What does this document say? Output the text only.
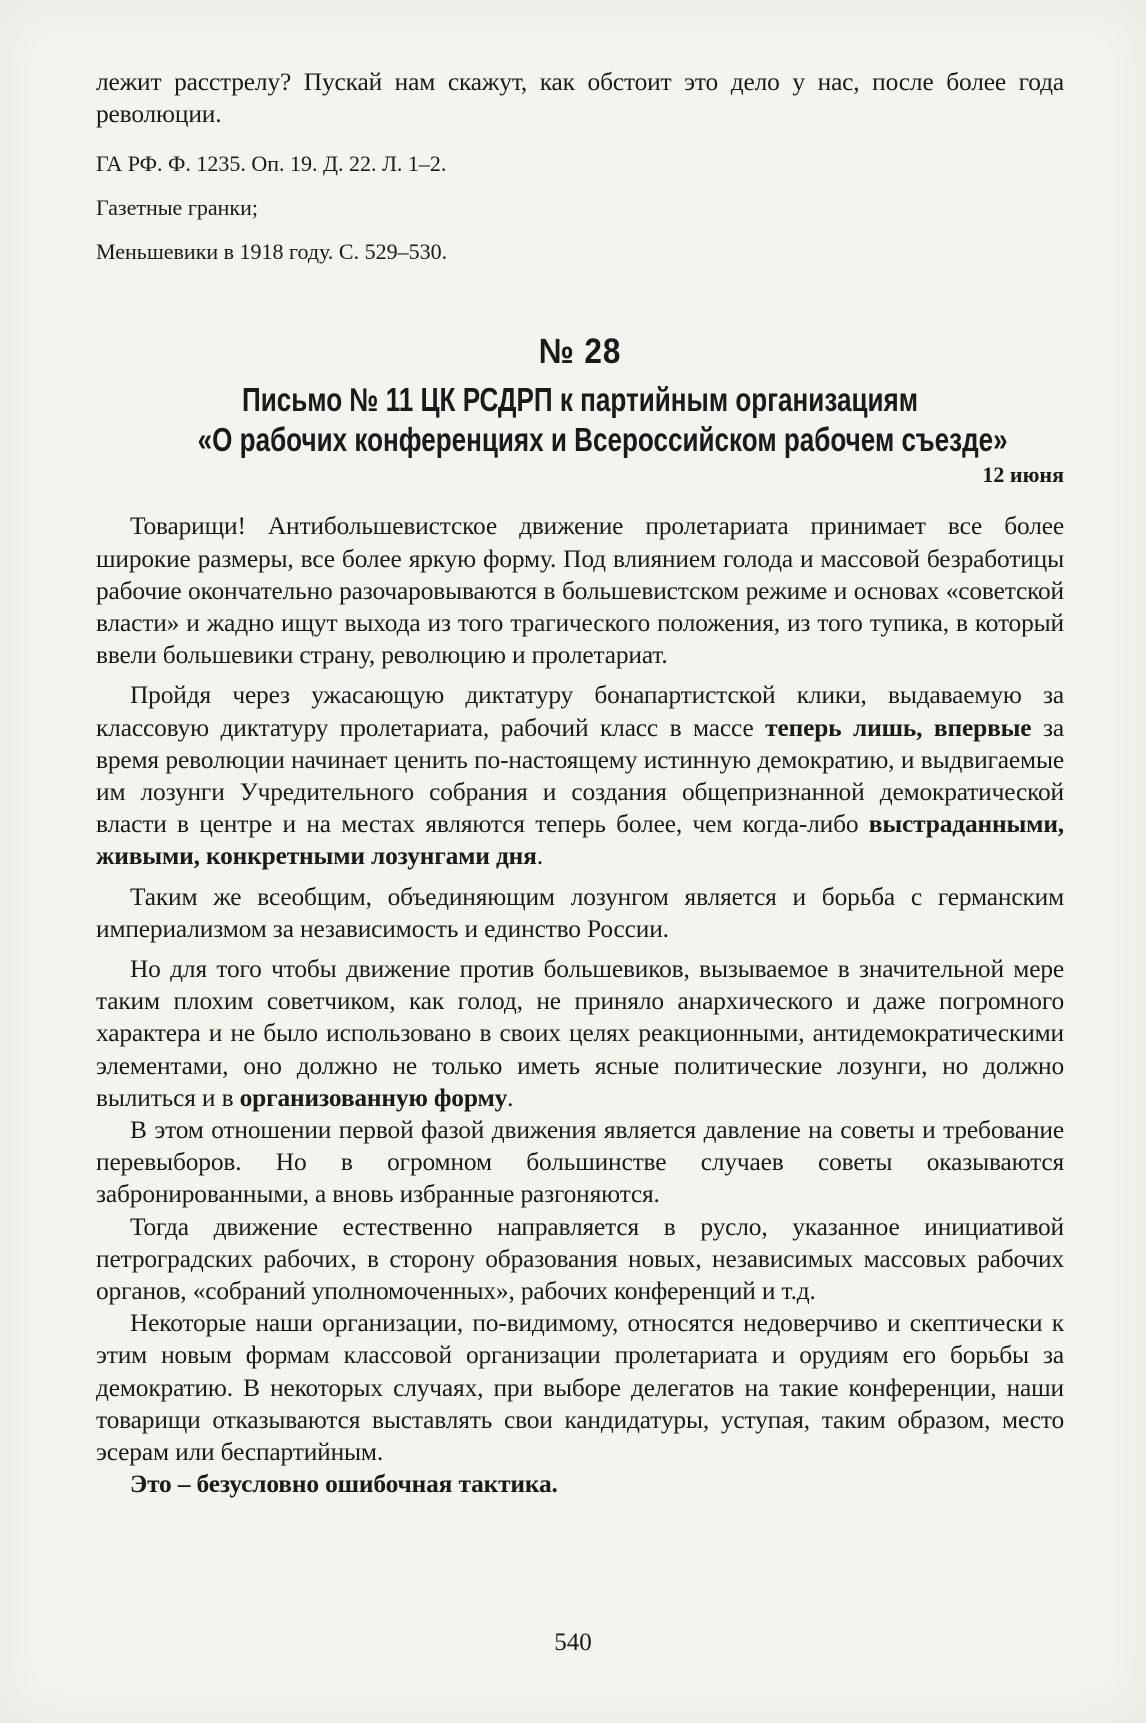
лежит расстрелу? Пускай нам скажут, как обстоит это дело у нас, после более года революции.

ГА РФ. Ф. 1235. Оп. 19. Д. 22. Л. 1–2.

Газетные гранки;

Меньшевики в 1918 году. С. 529–530.

№ 28
Письмо № 11 ЦК РСДРП к партийным организациям
«О рабочих конференциях и Всероссийском рабочем съезде»
12 июня

Товарищи! Антибольшевистское движение пролетариата принимает все более широкие размеры, все более яркую форму. Под влиянием голода и массовой безработицы рабочие окончательно разочаровываются в большевистском режиме и основах «советской власти» и жадно ищут выхода из того трагического положения, из того тупика, в который ввели большевики страну, революцию и пролетариат.

Пройдя через ужасающую диктатуру бонапартистской клики, выдаваемую за классовую диктатуру пролетариата, рабочий класс в массе теперь лишь, впервые за время революции начинает ценить по-настоящему истинную демократию, и выдвигаемые им лозунги Учредительного собрания и создания общепризнанной демократической власти в центре и на местах являются теперь более, чем когда-либо выстраданными, живыми, конкретными лозунгами дня.

Таким же всеобщим, объединяющим лозунгом является и борьба с германским империализмом за независимость и единство России.

Но для того чтобы движение против большевиков, вызываемое в значительной мере таким плохим советчиком, как голод, не приняло анархического и даже погромного характера и не было использовано в своих целях реакционными, антидемократическими элементами, оно должно не только иметь ясные политические лозунги, но должно вылиться и в организованную форму.

В этом отношении первой фазой движения является давление на советы и требование перевыборов. Но в огромном большинстве случаев советы оказываются забронированными, а вновь избранные разгоняются.

Тогда движение естественно направляется в русло, указанное инициативой петроградских рабочих, в сторону образования новых, независимых массовых рабочих органов, «собраний уполномоченных», рабочих конференций и т.д.

Некоторые наши организации, по-видимому, относятся недоверчиво и скептически к этим новым формам классовой организации пролетариата и орудиям его борьбы за демократию. В некоторых случаях, при выборе делегатов на такие конференции, наши товарищи отказываются выставлять свои кандидатуры, уступая, таким образом, место эсерам или беспартийным.

Это – безусловно ошибочная тактика.

540
